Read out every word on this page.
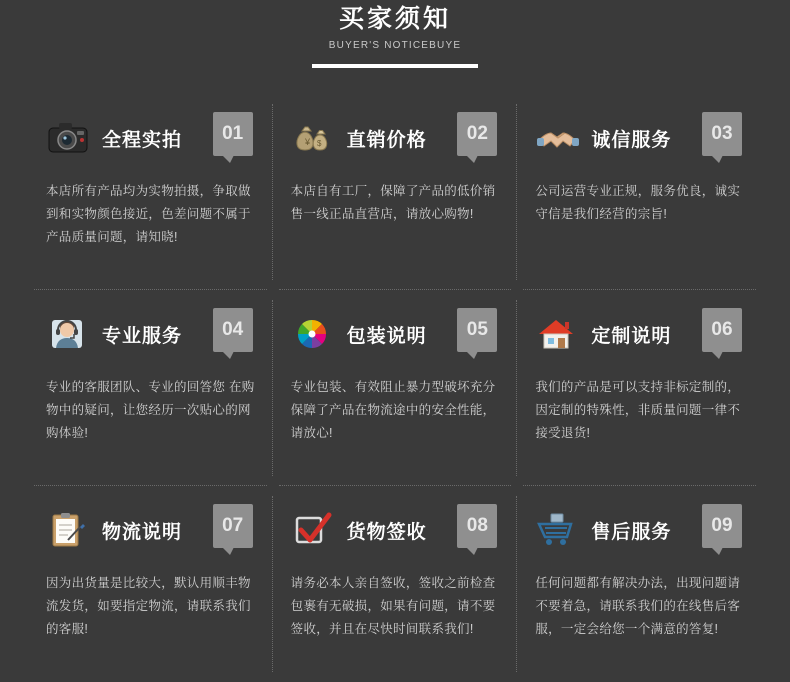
买家须知
BUYER'S NOTICEBUYE
全程实拍	01
本店所有产品均为实物拍摄，争取做到和实物颜色接近，色差问题不属于产品质量问题，请知晓!
¥ $ 直销价格	02
本店自有工厂，保障了产品的低价销售一线正品直营店，请放心购物!
诚信服务	03
公司运营专业正规，服务优良，诚实守信是我们经营的宗旨!
专业服务	04
专业的客服团队、专业的回答您 在购物中的疑问，让您经历一次贴心的网购体验!
包装说明	05
专业包装、有效阻止暴力型破坏充分保障了产品在物流途中的安全性能，请放心!
定制说明	06
我们的产品是可以支持非标定制的，因定制的特殊性，非质量问题一律不接受退货!
物流说明	07
因为出货量是比较大，默认用顺丰物流发货，如要指定物流，请联系我们的客服!
货物签收	08
请务必本人亲自签收，签收之前检查包裹有无破损，如果有问题，请不要签收，并且在尽快时间联系我们!
售后服务	09
任何问题都有解决办法，出现问题请不要着急，请联系我们的在线售后客服，一定会给您一个满意的答复!
